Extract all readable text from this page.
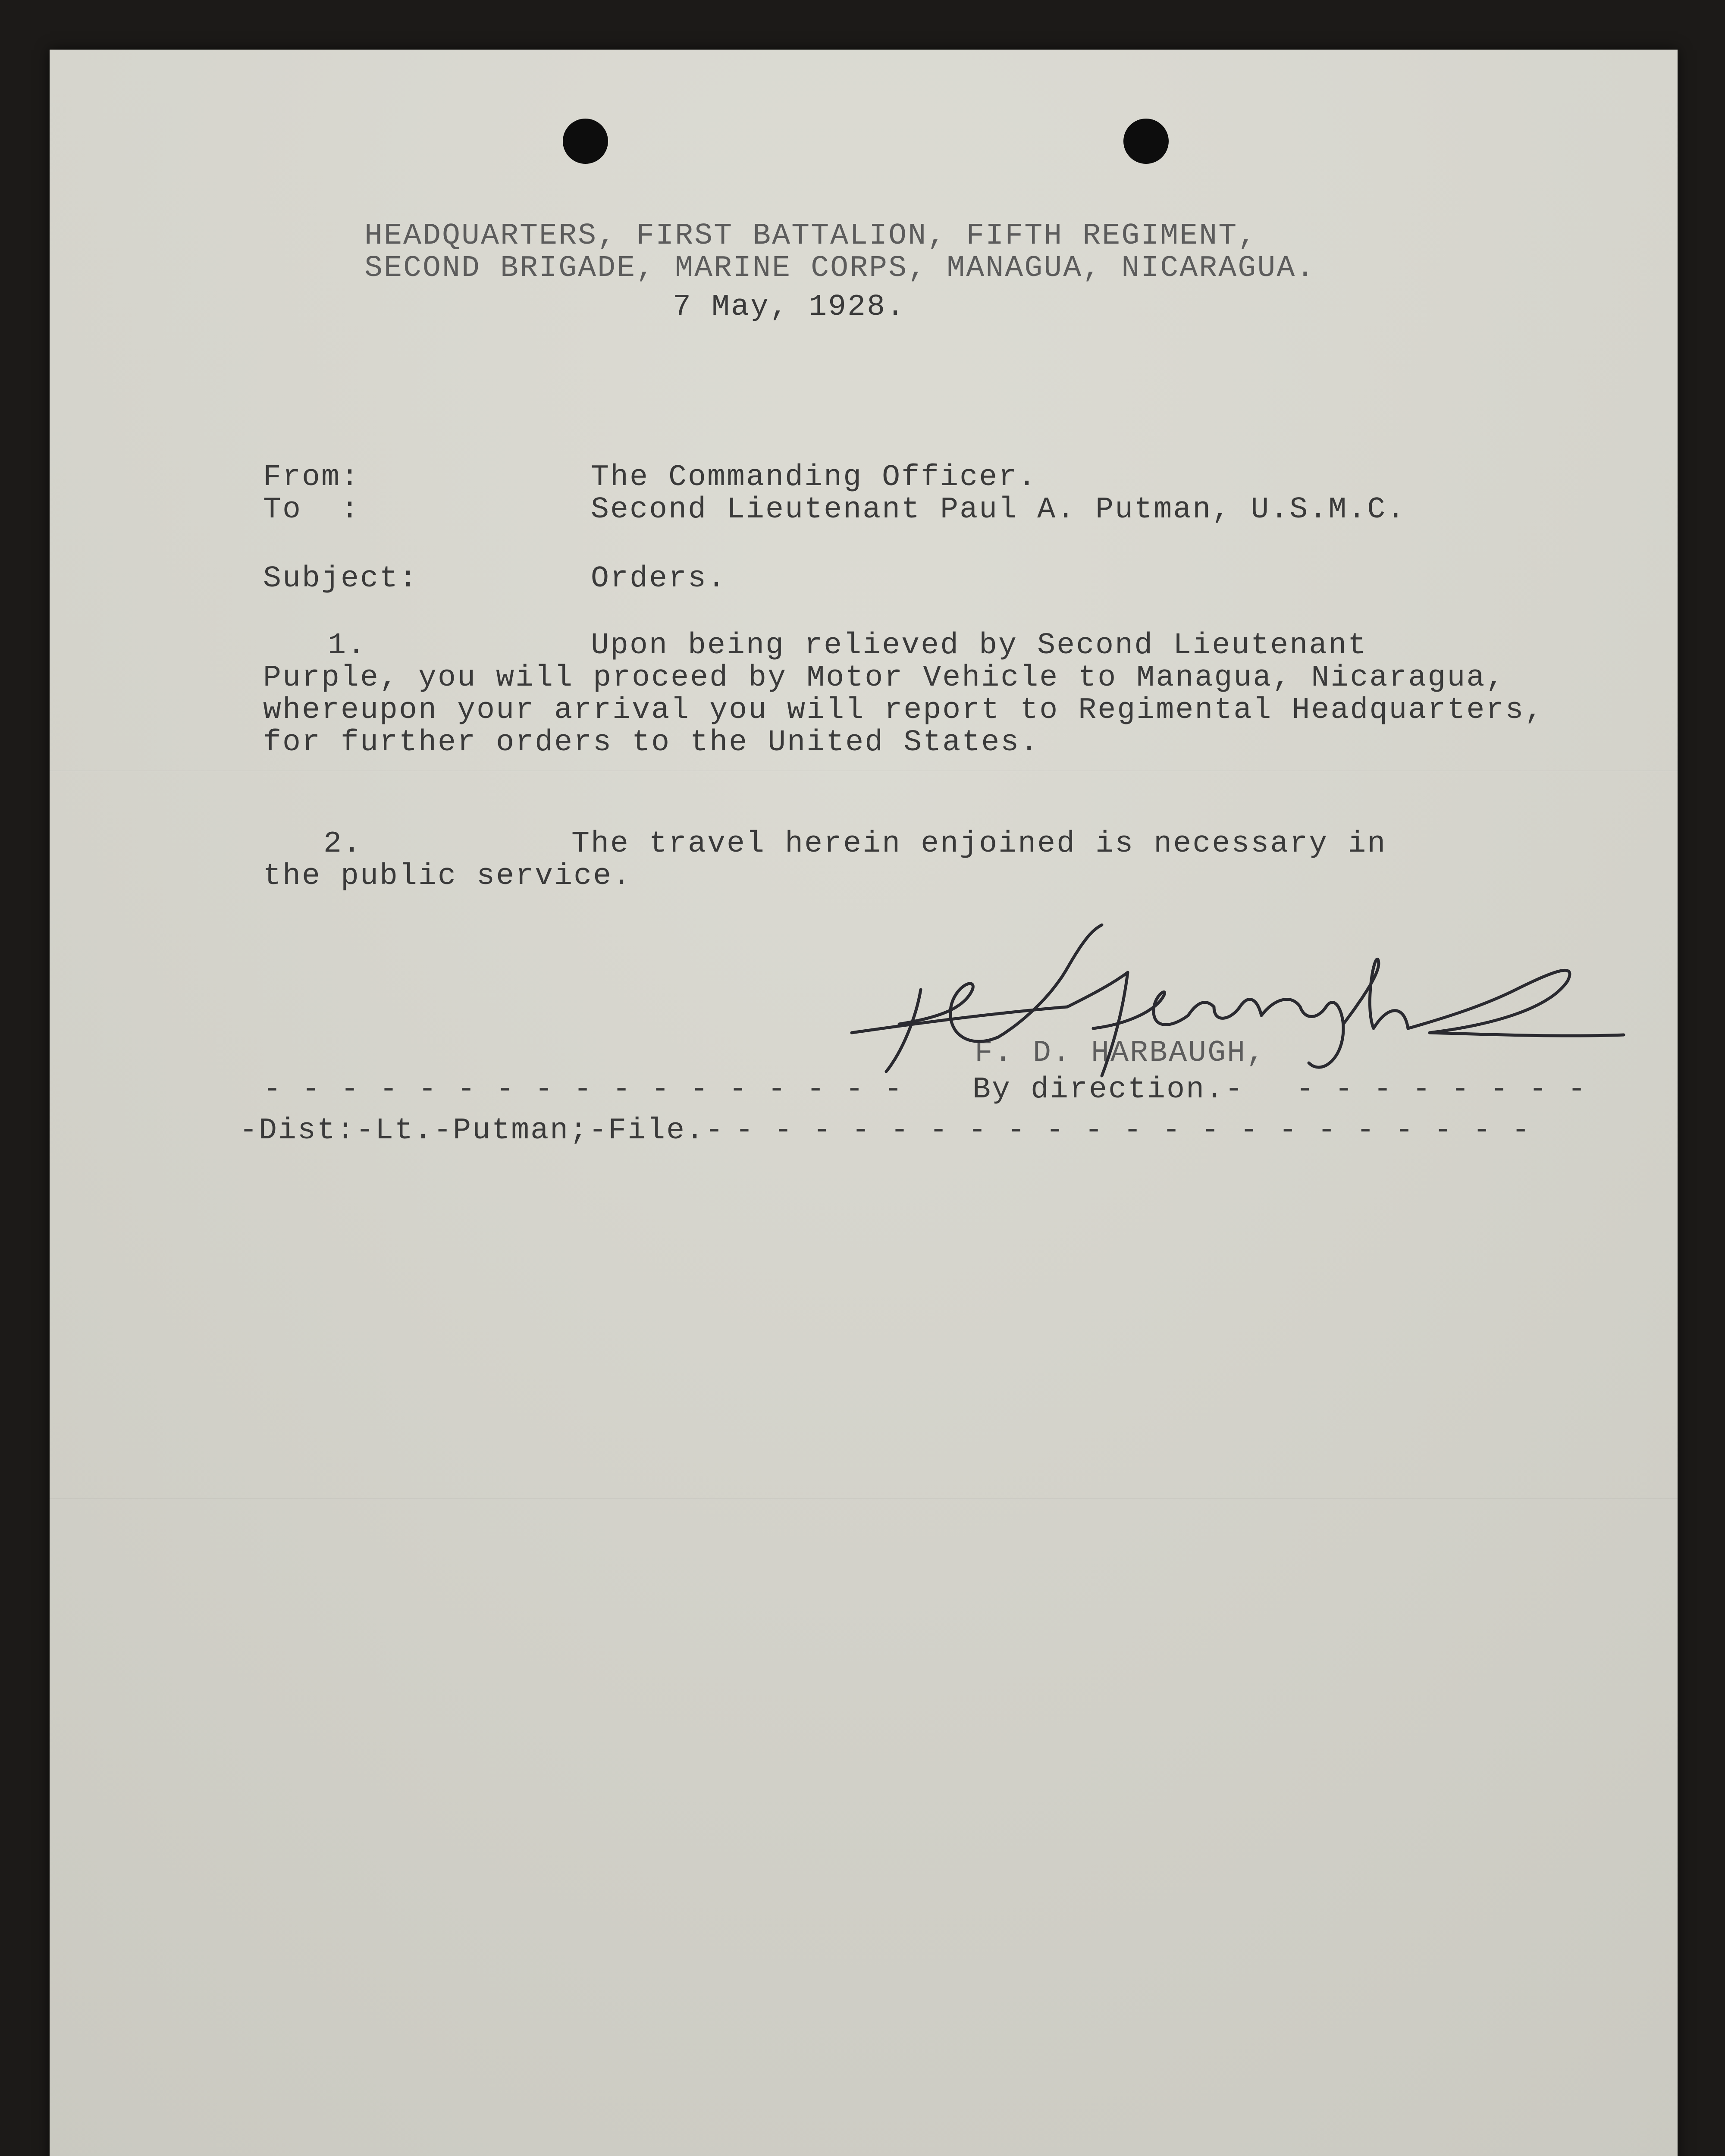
HEADQUARTERS, FIRST BATTALION, FIFTH REGIMENT,

SECOND BRIGADE, MARINE CORPS, MANAGUA, NICARAGUA.

7 May, 1928.

From:	The Commanding Officer.

To  :	Second Lieutenant Paul A. Putman, U.S.M.C.

Subject:	Orders.

1.	Upon being relieved by Second Lieutenant

Purple, you will proceed by Motor Vehicle to Managua, Nicaragua,

whereupon your arrival you will report to Regimental Headquarters,

for further orders to the United States.

2.	The travel herein enjoined is necessary in

the public service.

F. D. HARBAUGH,

- - - - - - - - - - - - - - - - - By direction.- - - - - - - - -

-Dist:-Lt.-Putman;-File.- - - - - - - - - - - - - - - - - - - - - -
